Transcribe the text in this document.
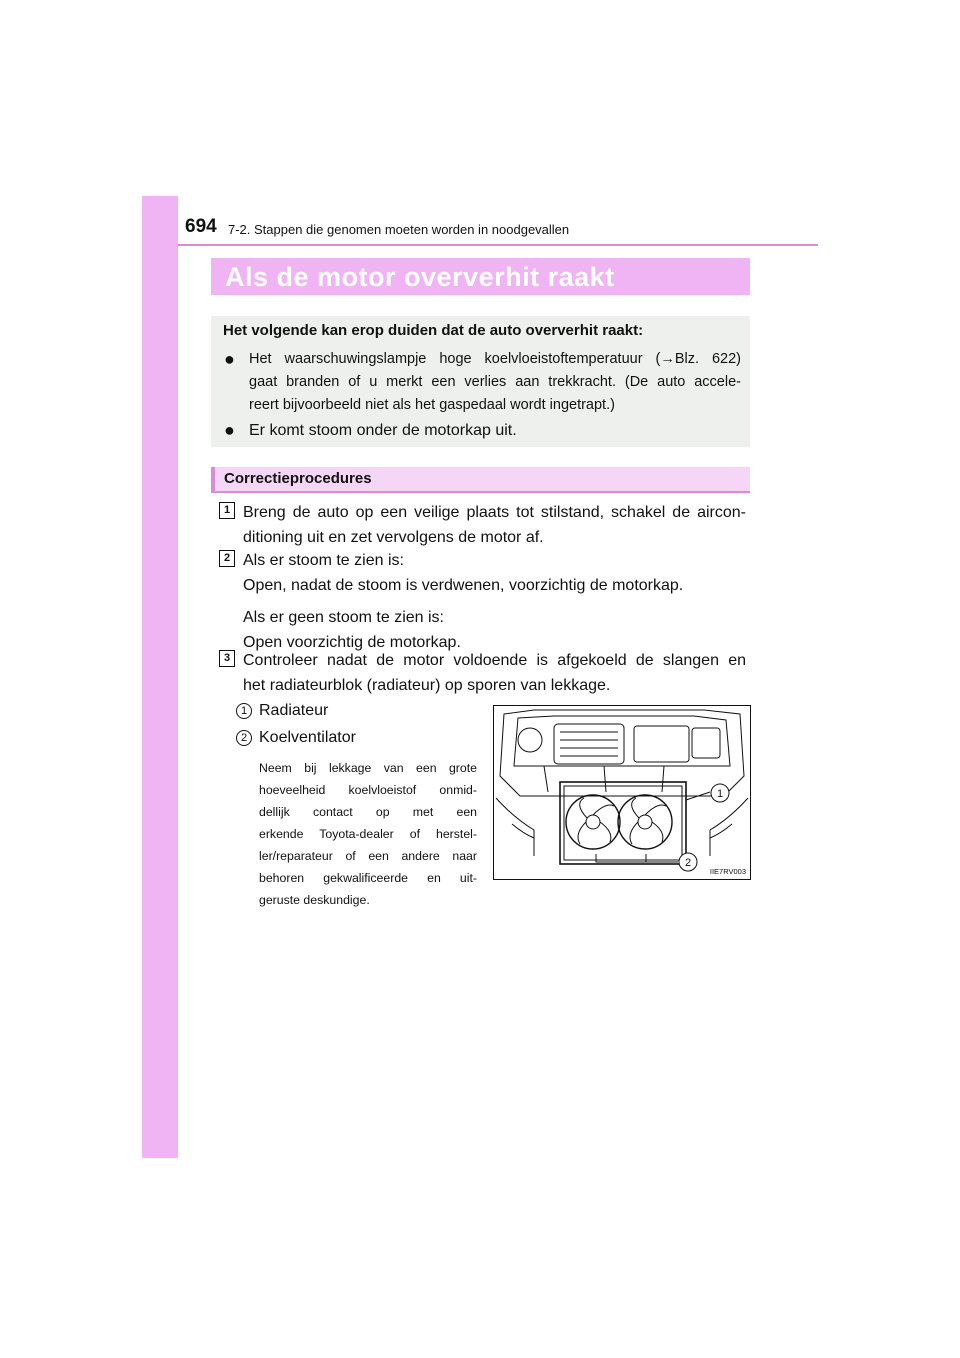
694 7-2. Stappen die genomen moeten worden in noodgevallen
Als de motor oververhit raakt
Het volgende kan erop duiden dat de auto oververhit raakt:
● Het waarschuwingslampje hoge koelvloeistoftemperatuur (→Blz. 622)

gaat branden of u merkt een verlies aan trekkracht. (De auto accele-

reert bijvoorbeeld niet als het gaspedaal wordt ingetrapt.)

● Er komt stoom onder de motorkap uit.
Correctieprocedures
1 Breng de auto op een veilige plaats tot stilstand, schakel de aircon-

ditioning uit en zet vervolgens de motor af.

2 Als er stoom te zien is:

Open, nadat de stoom is verdwenen, voorzichtig de motorkap.

Als er geen stoom te zien is:

Open voorzichtig de motorkap.

3 Controleer nadat de motor voldoende is afgekoeld de slangen en

het radiateurblok (radiateur) op sporen van lekkage.

1 Radiateur
2 Koelventilator

Neem bij lekkage van een grote

hoeveelheid koelvloeistof onmid-

dellijk contact op met een

erkende Toyota-dealer of herstel-

ler/reparateur of een andere naar

behoren gekwalificeerde en uit-

geruste deskundige.

1
2
IIE7RV003
